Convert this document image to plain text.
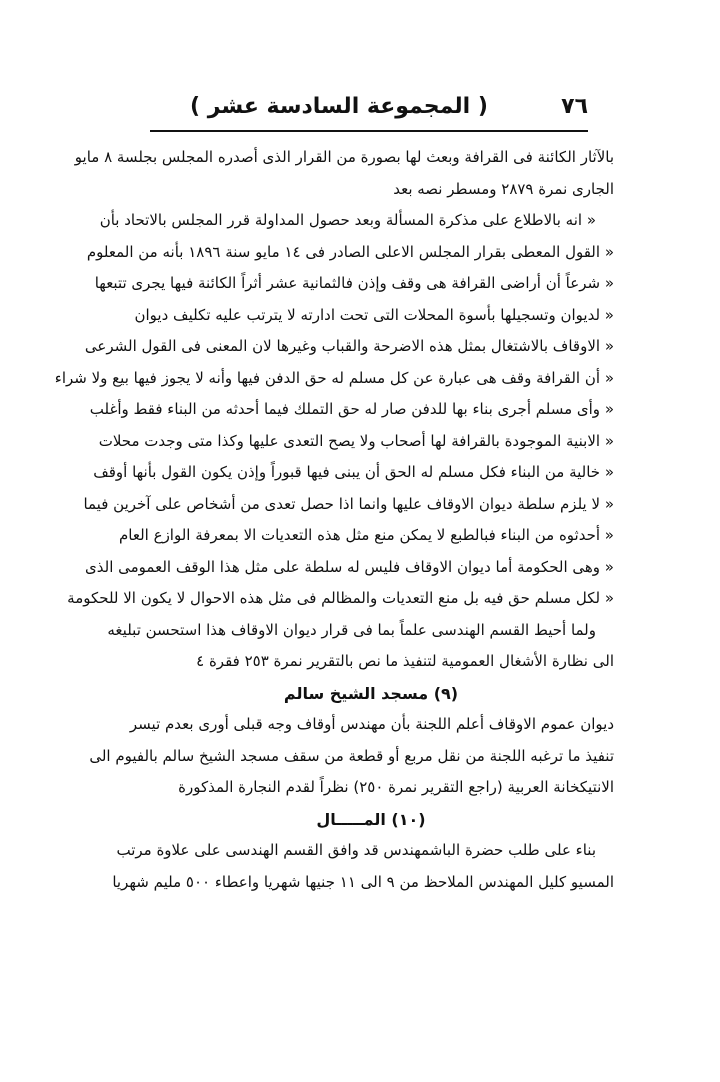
٧٦
( المجموعة السادسة عشر )
بالآثار الكائنة فى القرافة وبعث لها بصورة من القرار الذى أصدره المجلس بجلسة ٨ مايو
الجارى نمرة ٢٨٧٩ ومسطر نصه بعد
« انه بالاطلاع على مذكرة المسألة وبعد حصول المداولة قرر المجلس بالاتحاد بأن
« القول المعطى بقرار المجلس الاعلى الصادر فى ١٤ مايو سنة ١٨٩٦ بأنه من المعلوم
« شرعاً أن أراضى القرافة هى وقف وإذن فالثمانية عشر أثراً الكائنة فيها يجرى تتبعها
« لديوان وتسجيلها بأسوة المحلات التى تحت ادارته لا يترتب عليه تكليف ديوان
« الاوقاف بالاشتغال بمثل هذه الاضرحة والقباب وغيرها لان المعنى فى القول الشرعى
« أن القرافة وقف هى عبارة عن كل مسلم له حق الدفن فيها وأنه لا يجوز فيها بيع ولا شراء
« وأى مسلم أجرى بناء بها للدفن صار له حق التملك فيما أحدثه من البناء فقط وأغلب
« الابنية الموجودة بالقرافة لها أصحاب ولا يصح التعدى عليها وكذا متى وجدت محلات
« خالية من البناء فكل مسلم له الحق أن يبنى فيها قبوراً وإذن يكون القول بأنها أوقف
« لا يلزم سلطة ديوان الاوقاف عليها وانما اذا حصل تعدى من أشخاص على آخرين فيما
« أحدثوه من البناء فبالطبع لا يمكن منع مثل هذه التعديات الا بمعرفة الوازع العام
« وهى الحكومة أما ديوان الاوقاف فليس له سلطة على مثل هذا الوقف العمومى الذى
« لكل مسلم حق فيه بل منع التعديات والمظالم فى مثل هذه الاحوال لا يكون الا للحكومة
ولما أحيط القسم الهندسى علماً بما فى قرار ديوان الاوقاف هذا استحسن تبليغه
الى نظارة الأشغال العمومية لتنفيذ ما نص بالتقرير نمرة ٢٥٣ فقرة ٤
(٩) مسجد الشيخ سالم
ديوان عموم الاوقاف أعلم اللجنة بأن مهندس أوقاف وجه قبلى أورى بعدم تيسر
تنفيذ ما ترغبه اللجنة من نقل مربع أو قطعة من سقف مسجد الشيخ سالم بالفيوم الى
الانتيكخانة العربية (راجع التقرير نمرة ٢٥٠) نظراً لقدم النجارة المذكورة
(١٠) المـــــال
بناء على طلب حضرة الباشمهندس قد وافق القسم الهندسى على علاوة مرتب
المسيو كليل المهندس الملاحظ من ٩ الى ١١ جنيها شهريا واعطاء ٥٠٠ مليم شهريا
